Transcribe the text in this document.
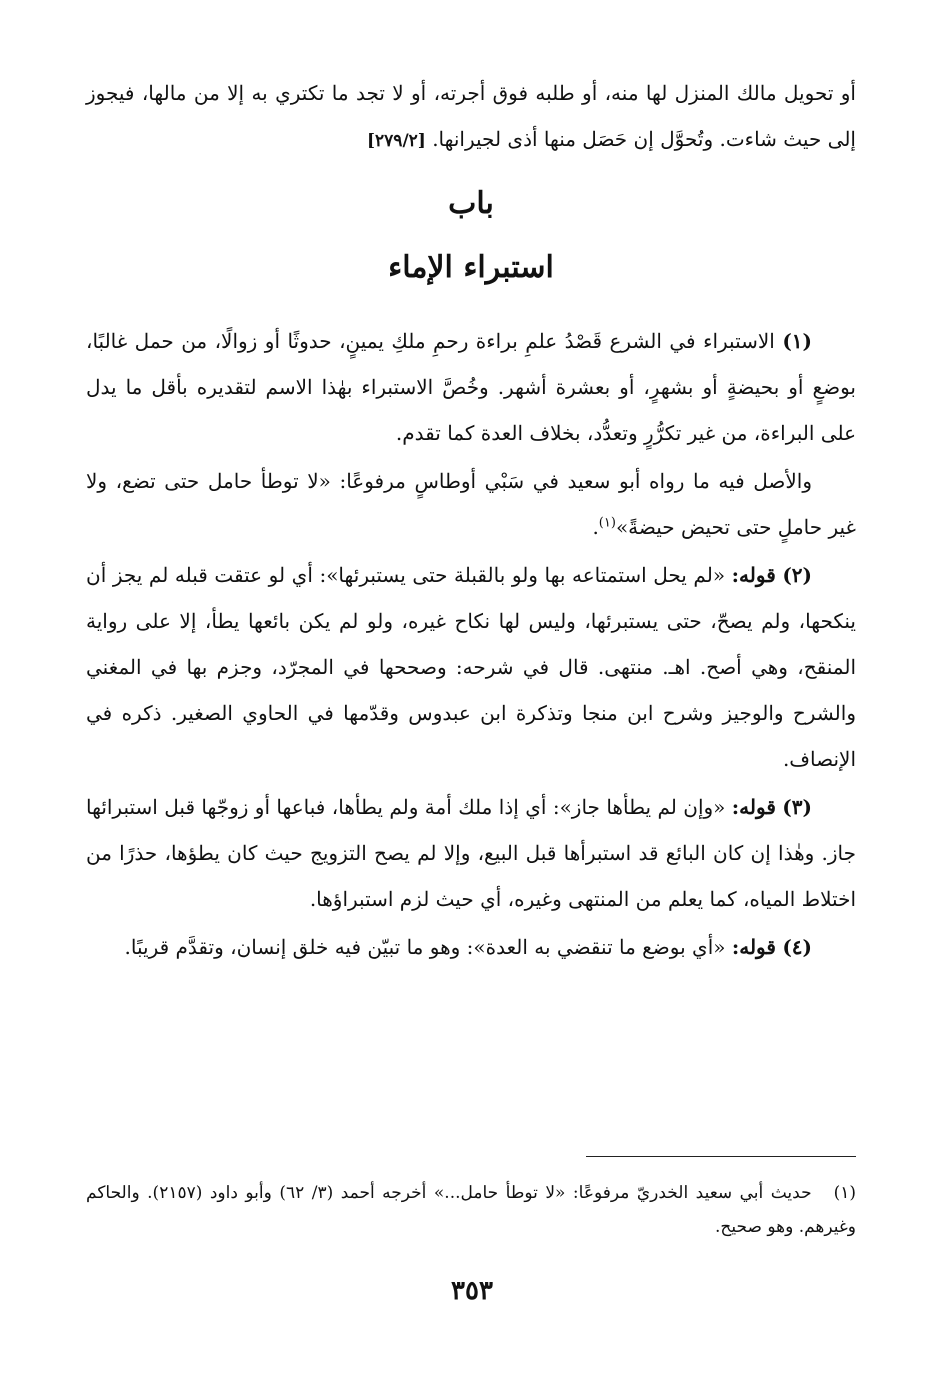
أو تحويل مالك المنزل لها منه، أو طلبه فوق أجرته، أو لا تجد ما تكتري به إلا من مالها، فيجوز إلى حيث شاءت. وتُحوَّل إن حَصَل منها أذى لجيرانها. [٢٧٩/٢]

باب
استبراء الإماء

(١) الاستبراء في الشرع قَصْدُ علمِ براءة رحمِ ملكِ يمينٍ، حدوثًا أو زوالًا، من حمل غالبًا، بوضعٍ أو بحيضةٍ أو بشهرٍ، أو بعشرة أشهر. وخُصَّ الاستبراء بهٰذا الاسم لتقديره بأقل ما يدل على البراءة، من غير تكرُّرٍ وتعدُّد، بخلاف العدة كما تقدم.

والأصل فيه ما رواه أبو سعيد في سَبْي أوطاسٍ مرفوعًا: «لا توطأ حامل حتى تضع، ولا غير حاملٍ حتى تحيض حيضةً»$^{(١)}$.

(٢) قوله: «لم يحل استمتاعه بها ولو بالقبلة حتى يستبرئها»: أي لو عتقت قبله لم يجز أن ينكحها، ولم يصحّ، حتى يستبرئها، وليس لها نكاح غيره، ولو لم يكن بائعها يطأ، إلا على رواية المنقح، وهي أصح. اهـ. منتهى. قال في شرحه: وصححها في المجرّد، وجزم بها في المغني والشرح والوجيز وشرح ابن منجا وتذكرة ابن عبدوس وقدّمها في الحاوي الصغير. ذكره في الإنصاف.

(٣) قوله: «وإن لم يطأها جاز»: أي إذا ملك أمة ولم يطأها، فباعها أو زوجّها قبل استبرائها جاز. وهٰذا إن كان البائع قد استبرأها قبل البيع، وإلا لم يصح التزويج حيث كان يطؤها، حذرًا من اختلاط المياه، كما يعلم من المنتهى وغيره، أي حيث لزم استبراؤها.

(٤) قوله: «أي بوضع ما تنقضي به العدة»: وهو ما تبيّن فيه خلق إنسان، وتقدَّم قريبًا.

(١)حديث أبي سعيد الخدريّ مرفوعًا: «لا توطأ حامل...» أخرجه أحمد (٣/ ٦٢) وأبو داود (٢١٥٧). والحاكم وغيرهم. وهو صحيح.
٣٥٣
